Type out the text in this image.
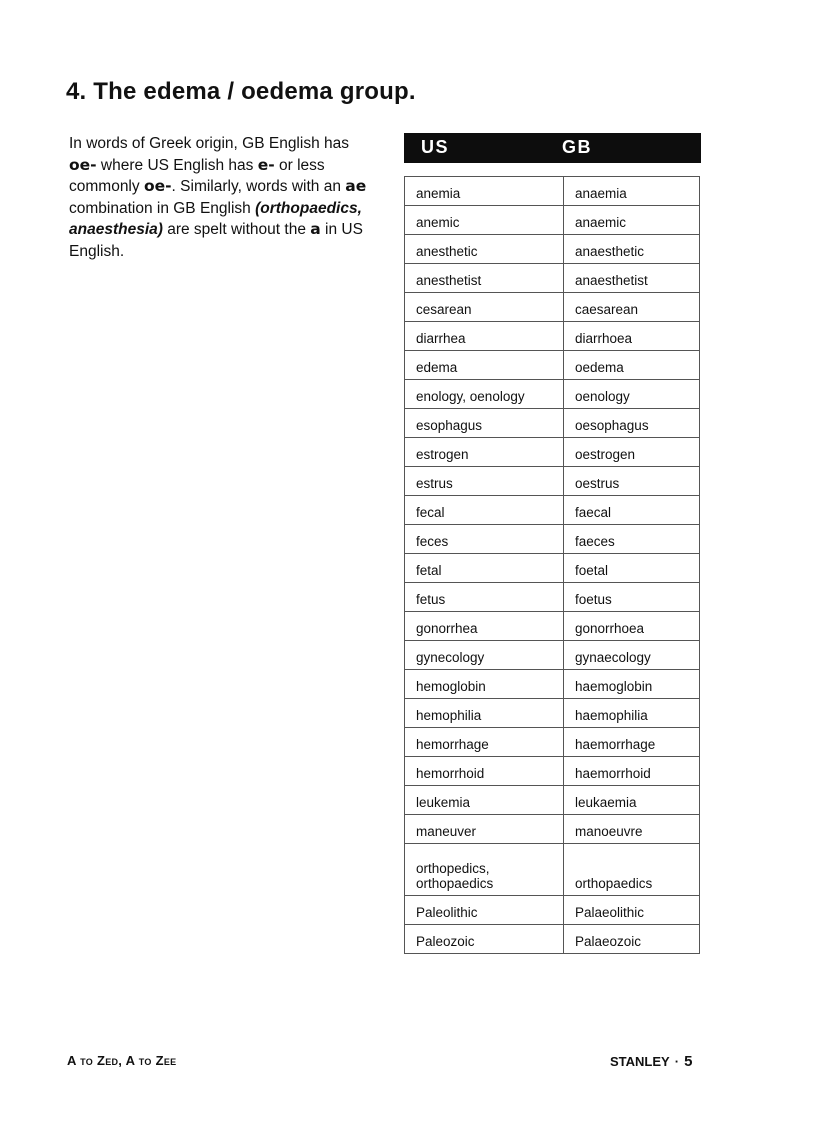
4. The edema / oedema group.
In words of Greek origin, GB English has oe- where US English has e- or less commonly oe-. Similarly, words with an ae combination in GB English (orthopaedics, anaesthesia) are spelt without the a in US English.
US	GB
anemia	anaemia
anemic	anaemic
anesthetic	anaesthetic
anesthetist	anaesthetist
cesarean	caesarean
diarrhea	diarrhoea
edema	oedema
enology, oenology	oenology
esophagus	oesophagus
estrogen	oestrogen
estrus	oestrus
fecal	faecal
feces	faeces
fetal	foetal
fetus	foetus
gonorrhea	gonorrhoea
gynecology	gynaecology
hemoglobin	haemoglobin
hemophilia	haemophilia
hemorrhage	haemorrhage
hemorrhoid	haemorrhoid
leukemia	leukaemia
maneuver	manoeuvre
orthopedics, orthopaedics	orthopaedics
Paleolithic	Palaeolithic
Paleozoic	Palaeozoic
A to Zed, A to Zee	STANLEY · 5
